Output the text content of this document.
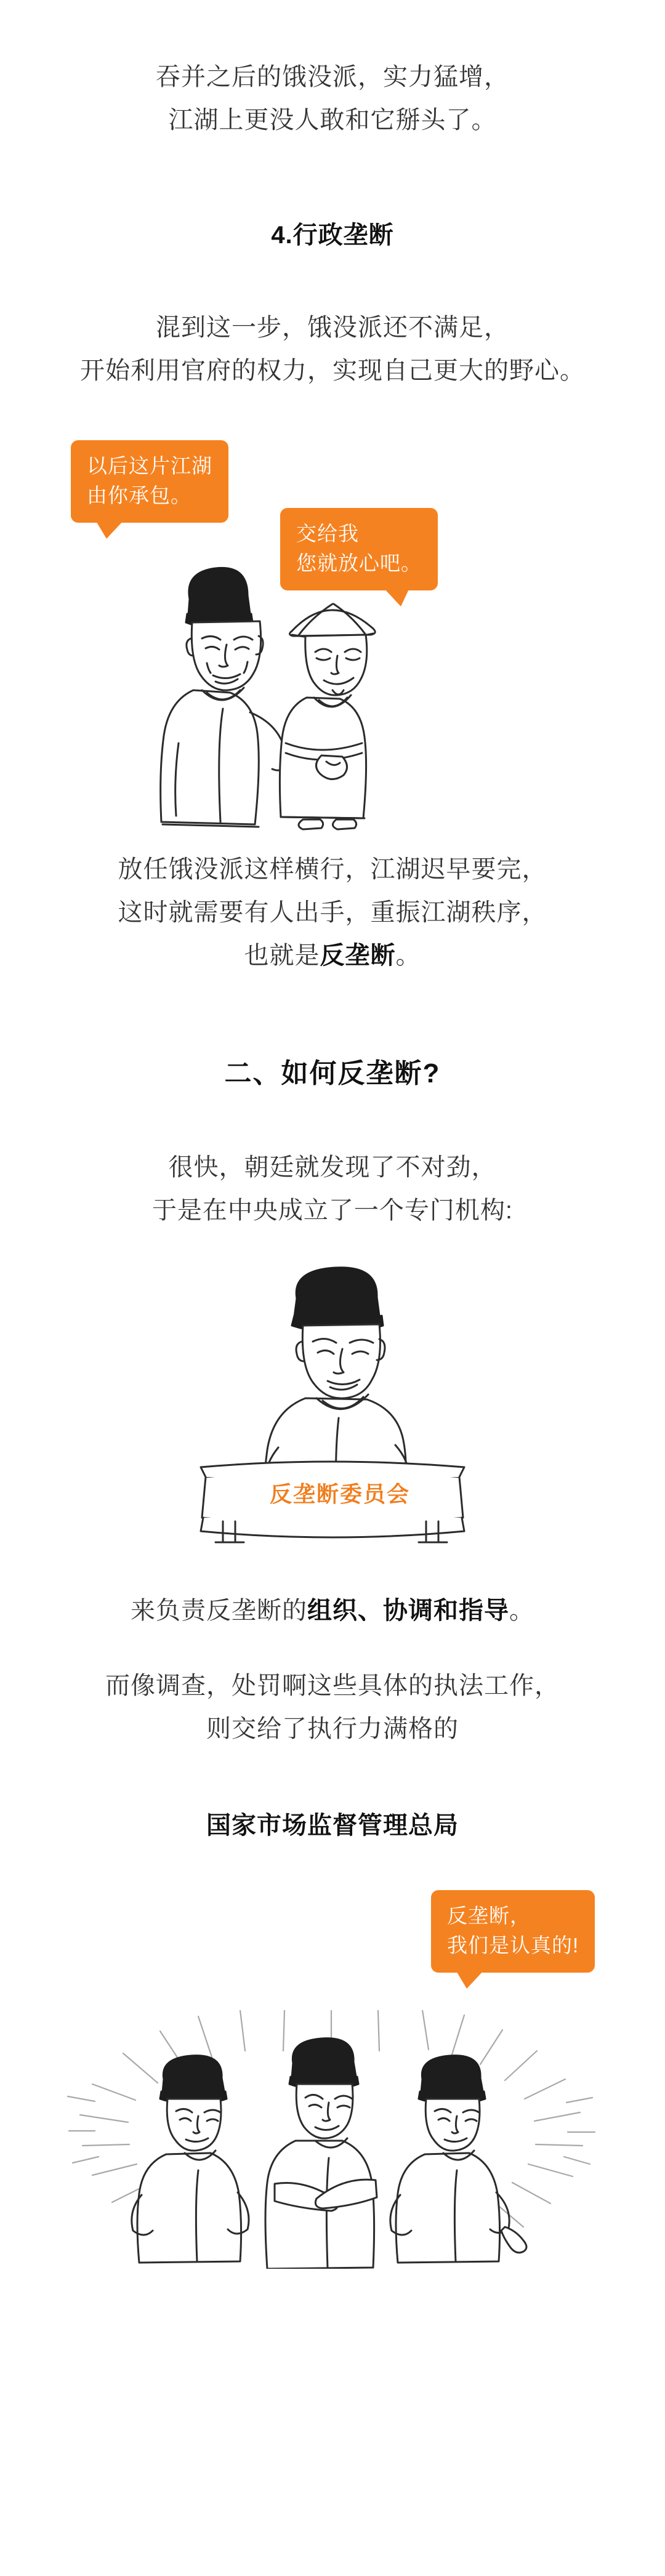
吞并之后的饿没派，实力猛增，
江湖上更没人敢和它掰头了。
4.行政垄断
混到这一步，饿没派还不满足，
开始利用官府的权力，实现自己更大的野心。
以后这片江湖
由你承包。
交给我
您就放心吧。
放任饿没派这样横行，江湖迟早要完，
这时就需要有人出手，重振江湖秩序，
也就是反垄断。
二、如何反垄断?
很快，朝廷就发现了不对劲，
于是在中央成立了一个专门机构:
反垄断委员会
来负责反垄断的组织、协调和指导。
而像调查，处罚啊这些具体的执法工作，
则交给了执行力满格的
国家市场监督管理总局
反垄断，
我们是认真的!
